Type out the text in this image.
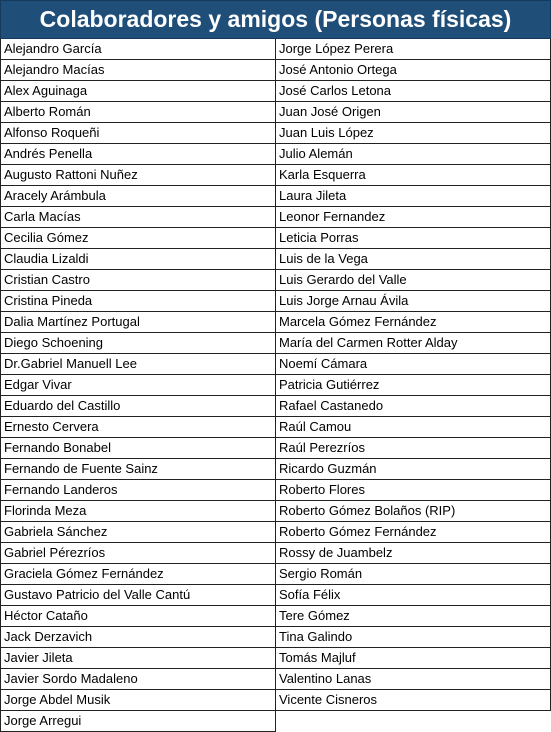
Colaboradores y amigos (Personas físicas)
Alejandro García
Alejandro Macías
Alex Aguinaga
Alberto Román
Alfonso Roqueñi
Andrés Penella
Augusto Rattoni Nuñez
Aracely Arámbula
Carla Macías
Cecilia Gómez
Claudia Lizaldi
Cristian Castro
Cristina Pineda
Dalia Martínez Portugal
Diego Schoening
Dr.Gabriel Manuell Lee
Edgar Vivar
Eduardo del Castillo
Ernesto Cervera
Fernando Bonabel
Fernando de Fuente Sainz
Fernando Landeros
Florinda Meza
Gabriela Sánchez
Gabriel Pérezríos
Graciela Gómez Fernández
Gustavo Patricio del Valle Cantú
Héctor Cataño
Jack Derzavich
Javier Jileta
Javier Sordo Madaleno
Jorge Abdel Musik
Jorge Arregui
Jorge López Perera
José Antonio Ortega
José Carlos Letona
Juan José Origen
Juan Luis López
Julio Alemán
Karla Esquerra
Laura Jileta
Leonor Fernandez
Leticia Porras
Luis de la Vega
Luis Gerardo del Valle
Luis Jorge Arnau Ávila
Marcela Gómez Fernández
María del Carmen Rotter Alday
Noemí Cámara
Patricia Gutiérrez
Rafael Castanedo
Raúl Camou
Raúl Perezríos
Ricardo Guzmán
Roberto Flores
Roberto Gómez Bolaños (RIP)
Roberto Gómez Fernández
Rossy de Juambelz
Sergio Román
Sofía Félix
Tere Gómez
Tina Galindo
Tomás Majluf
Valentino Lanas
Vicente Cisneros
